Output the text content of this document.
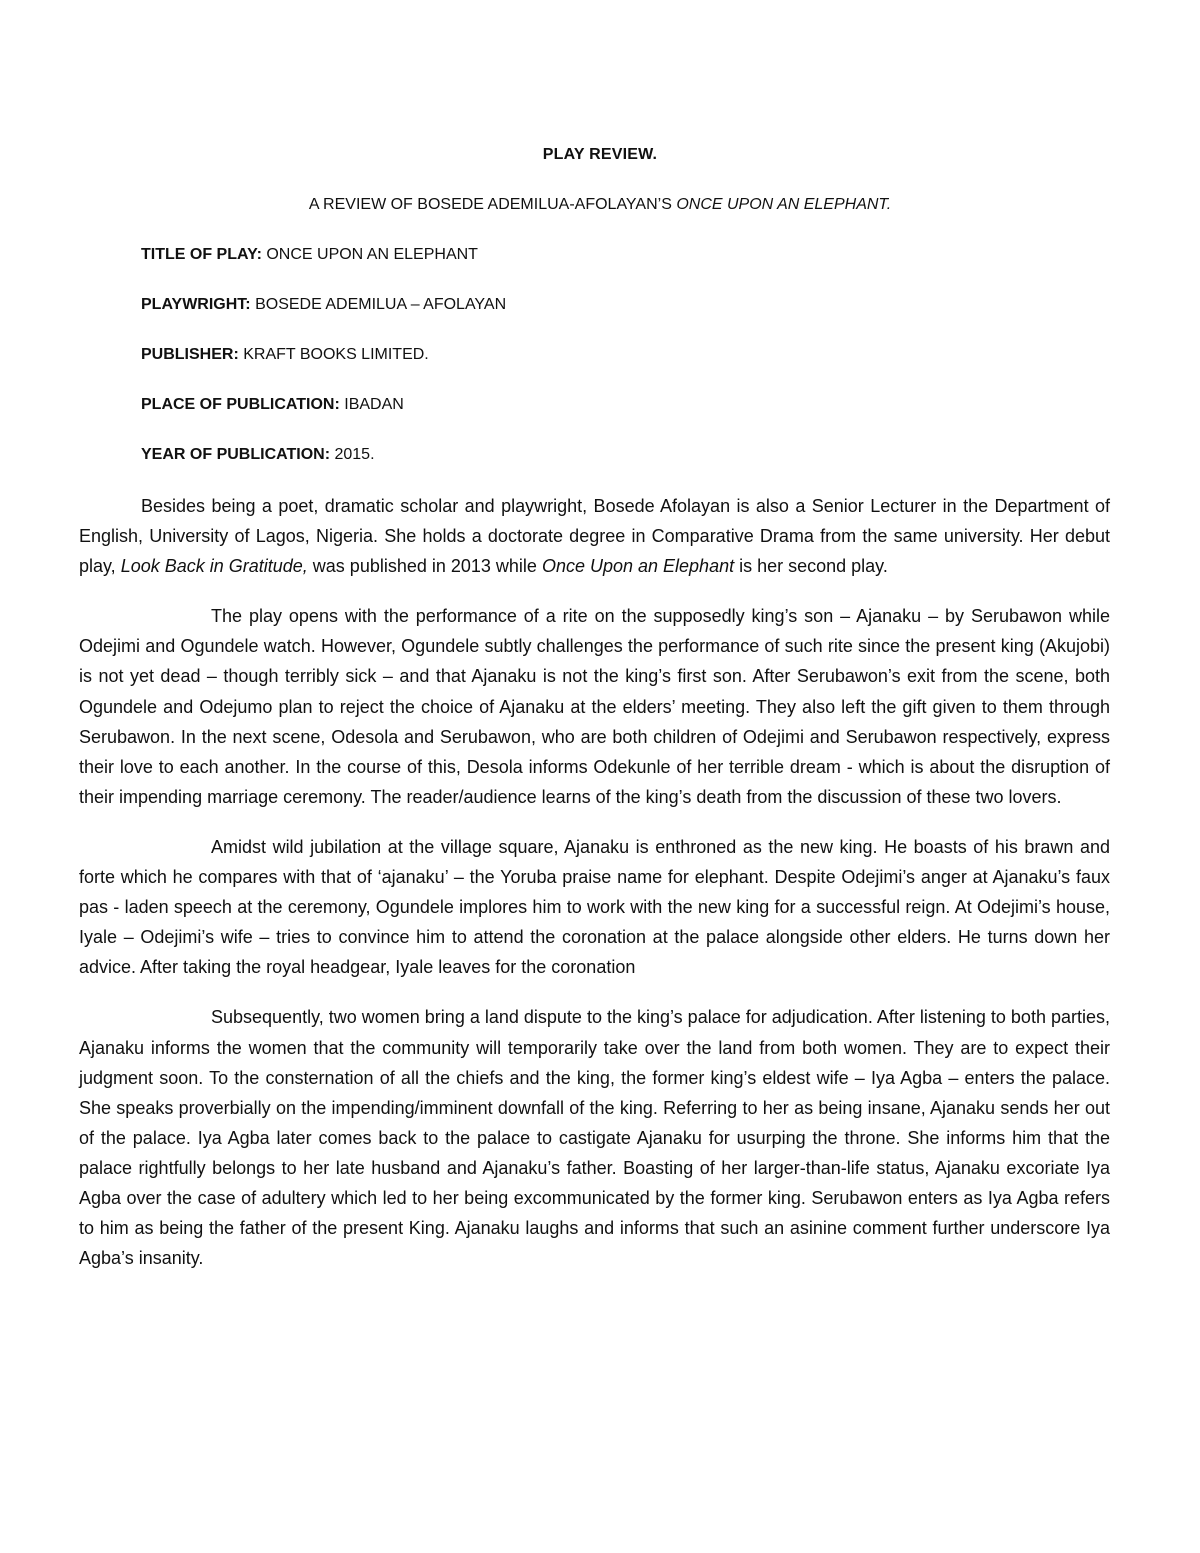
PLAY REVIEW.
A REVIEW OF BOSEDE ADEMILUA-AFOLAYAN’S ONCE UPON AN ELEPHANT.
TITLE OF PLAY: ONCE UPON AN ELEPHANT
PLAYWRIGHT: BOSEDE ADEMILUA – AFOLAYAN
PUBLISHER: KRAFT BOOKS LIMITED.
PLACE OF PUBLICATION: IBADAN
YEAR OF PUBLICATION: 2015.

Besides being a poet, dramatic scholar and playwright, Bosede Afolayan is also a Senior Lecturer in the Department of English, University of Lagos, Nigeria. She holds a doctorate degree in Comparative Drama from the same university. Her debut play, Look Back in Gratitude, was published in 2013 while Once Upon an Elephant is her second play.

The play opens with the performance of a rite on the supposedly king’s son – Ajanaku – by Serubawon while Odejimi and Ogundele watch. However, Ogundele subtly challenges the performance of such rite since the present king (Akujobi) is not yet dead – though terribly sick – and that Ajanaku is not the king’s first son. After Serubawon’s exit from the scene, both Ogundele and Odejumo plan to reject the choice of Ajanaku at the elders’ meeting. They also left the gift given to them through Serubawon. In the next scene, Odesola and Serubawon, who are both children of Odejimi and Serubawon respectively, express their love to each another. In the course of this, Desola informs Odekunle of her terrible dream - which is about the disruption of their impending marriage ceremony. The reader/audience learns of the king’s death from the discussion of these two lovers.

Amidst wild jubilation at the village square, Ajanaku is enthroned as the new king. He boasts of his brawn and forte which he compares with that of ‘ajanaku’ – the Yoruba praise name for elephant. Despite Odejimi’s anger at Ajanaku’s faux pas - laden speech at the ceremony, Ogundele implores him to work with the new king for a successful reign. At Odejimi’s house, Iyale – Odejimi’s wife – tries to convince him to attend the coronation at the palace alongside other elders. He turns down her advice. After taking the royal headgear, Iyale leaves for the coronation

Subsequently, two women bring a land dispute to the king’s palace for adjudication. After listening to both parties, Ajanaku informs the women that the community will temporarily take over the land from both women. They are to expect their judgment soon. To the consternation of all the chiefs and the king, the former king’s eldest wife – Iya Agba – enters the palace. She speaks proverbially on the impending/imminent downfall of the king. Referring to her as being insane, Ajanaku sends her out of the palace. Iya Agba later comes back to the palace to castigate Ajanaku for usurping the throne. She informs him that the palace rightfully belongs to her late husband and Ajanaku’s father. Boasting of her larger-than-life status, Ajanaku excoriate Iya Agba over the case of adultery which led to her being excommunicated by the former king. Serubawon enters as Iya Agba refers to him as being the father of the present King. Ajanaku laughs and informs that such an asinine comment further underscore Iya Agba’s insanity.
